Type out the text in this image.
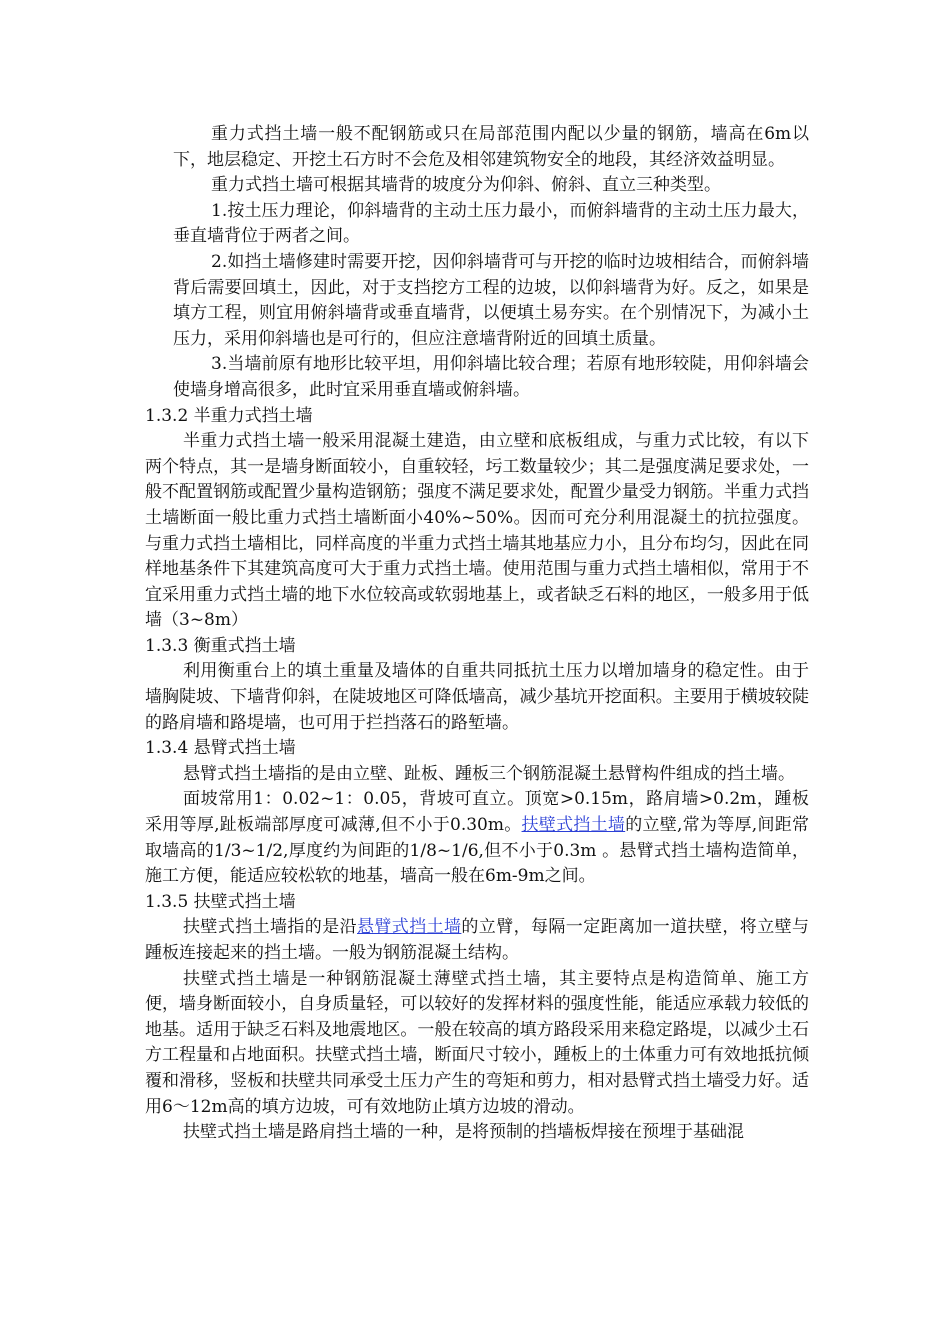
重力式挡土墙一般不配钢筋或只在局部范围内配以少量的钢筋，墙高在6m以下，地层稳定、开挖土石方时不会危及相邻建筑物安全的地段，其经济效益明显。

重力式挡土墙可根据其墙背的坡度分为仰斜、俯斜、直立三种类型。

1.按土压力理论，仰斜墙背的主动土压力最小，而俯斜墙背的主动土压力最大，垂直墙背位于两者之间。

2.如挡土墙修建时需要开挖，因仰斜墙背可与开挖的临时边坡相结合，而俯斜墙背后需要回填土，因此，对于支挡挖方工程的边坡，以仰斜墙背为好。反之，如果是填方工程，则宜用俯斜墙背或垂直墙背，以便填土易夯实。在个别情况下，为减小土压力，采用仰斜墙也是可行的，但应注意墙背附近的回填土质量。

3.当墙前原有地形比较平坦，用仰斜墙比较合理；若原有地形较陡，用仰斜墙会使墙身增高很多，此时宜采用垂直墙或俯斜墙。

1.3.2 半重力式挡土墙

半重力式挡土墙一般采用混凝土建造，由立壁和底板组成，与重力式比较，有以下两个特点，其一是墙身断面较小，自重较轻，圬工数量较少；其二是强度满足要求处，一般不配置钢筋或配置少量构造钢筋；强度不满足要求处，配置少量受力钢筋。半重力式挡土墙断面一般比重力式挡土墙断面小40%~50%。因而可充分利用混凝土的抗拉强度。与重力式挡土墙相比，同样高度的半重力式挡土墙其地基应力小，且分布均匀，因此在同样地基条件下其建筑高度可大于重力式挡土墙。使用范围与重力式挡土墙相似，常用于不宜采用重力式挡土墙的地下水位较高或软弱地基上，或者缺乏石料的地区，一般多用于低墙（3~8m）

1.3.3 衡重式挡土墙

利用衡重台上的填土重量及墙体的自重共同抵抗土压力以增加墙身的稳定性。由于墙胸陡坡、下墙背仰斜，在陡坡地区可降低墙高，减少基坑开挖面积。主要用于横坡较陡的路肩墙和路堤墙，也可用于拦挡落石的路堑墙。

1.3.4 悬臂式挡土墙

悬臂式挡土墙指的是由立壁、趾板、踵板三个钢筋混凝土悬臂构件组成的挡土墙。

面坡常用1：0.02~1：0.05，背坡可直立。顶宽>0.15m，路肩墙>0.2m，踵板采用等厚,趾板端部厚度可减薄,但不小于0.30m。扶壁式挡土墙的立壁,常为等厚,间距常取墙高的1/3~1/2,厚度约为间距的1/8~1/6,但不小于0.3m 。悬臂式挡土墙构造简单，施工方便，能适应较松软的地基，墙高一般在6m-9m之间。

1.3.5 扶壁式挡土墙

扶壁式挡土墙指的是沿悬臂式挡土墙的立臂，每隔一定距离加一道扶壁，将立壁与踵板连接起来的挡土墙。一般为钢筋混凝土结构。

扶壁式挡土墙是一种钢筋混凝土薄壁式挡土墙，其主要特点是构造简单、施工方便，墙身断面较小，自身质量轻，可以较好的发挥材料的强度性能，能适应承载力较低的地基。适用于缺乏石料及地震地区。一般在较高的填方路段采用来稳定路堤，以减少土石方工程量和占地面积。扶壁式挡土墙，断面尺寸较小，踵板上的土体重力可有效地抵抗倾覆和滑移，竖板和扶壁共同承受土压力产生的弯矩和剪力，相对悬臂式挡土墙受力好。适用6～12m高的填方边坡，可有效地防止填方边坡的滑动。

扶壁式挡土墙是路肩挡土墙的一种，是将预制的挡墙板焊接在预埋于基础混
